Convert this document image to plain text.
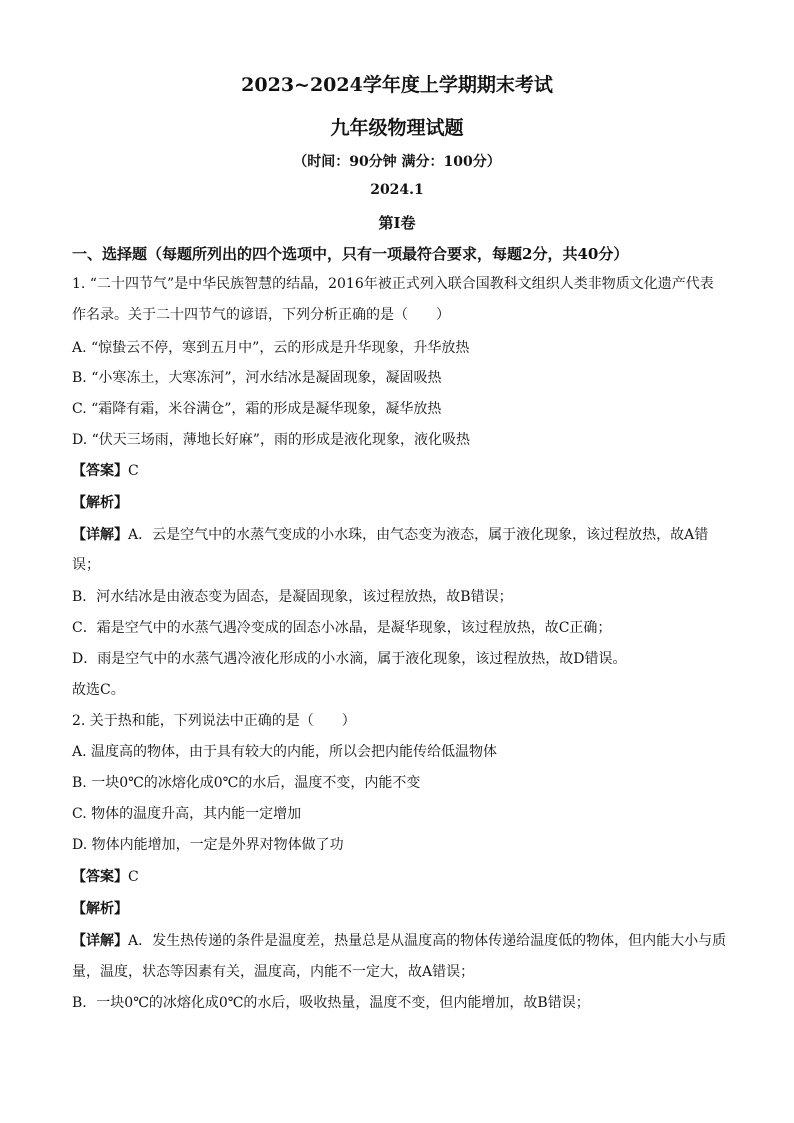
2023~2024学年度上学期期末考试
九年级物理试题
（时间：90分钟 满分：100分）
2024.1
第Ⅰ卷
一、选择题（每题所列出的四个选项中，只有一项最符合要求，每题2分，共40分）
1. “二十四节气”是中华民族智慧的结晶，2016年被正式列入联合国教科文组织人类非物质文化遗产代表
作名录。关于二十四节气的谚语，下列分析正确的是（　　）
A. “惊蛰云不停，寒到五月中”，云的形成是升华现象，升华放热
B. “小寒冻土，大寒冻河”，河水结冰是凝固现象，凝固吸热
C. “霜降有霜，米谷满仓”，霜的形成是凝华现象，凝华放热
D. “伏天三场雨，薄地长好麻”，雨的形成是液化现象，液化吸热
【答案】C
【解析】
【详解】A．云是空气中的水蒸气变成的小水珠，由气态变为液态，属于液化现象，该过程放热，故A错
误；
B．河水结冰是由液态变为固态，是凝固现象，该过程放热，故B错误；
C．霜是空气中的水蒸气遇冷变成的固态小冰晶，是凝华现象，该过程放热，故C正确；
D．雨是空气中的水蒸气遇冷液化形成的小水滴，属于液化现象，该过程放热，故D错误。
故选C。
2. 关于热和能，下列说法中正确的是（　　）
A. 温度高的物体，由于具有较大的内能，所以会把内能传给低温物体
B. 一块0℃的冰熔化成0℃的水后，温度不变，内能不变
C. 物体的温度升高，其内能一定增加
D. 物体内能增加，一定是外界对物体做了功
【答案】C
【解析】
【详解】A．发生热传递的条件是温度差，热量总是从温度高的物体传递给温度低的物体，但内能大小与质
量，温度，状态等因素有关，温度高，内能不一定大，故A错误；
B．一块0℃的冰熔化成0℃的水后，吸收热量，温度不变，但内能增加，故B错误；
